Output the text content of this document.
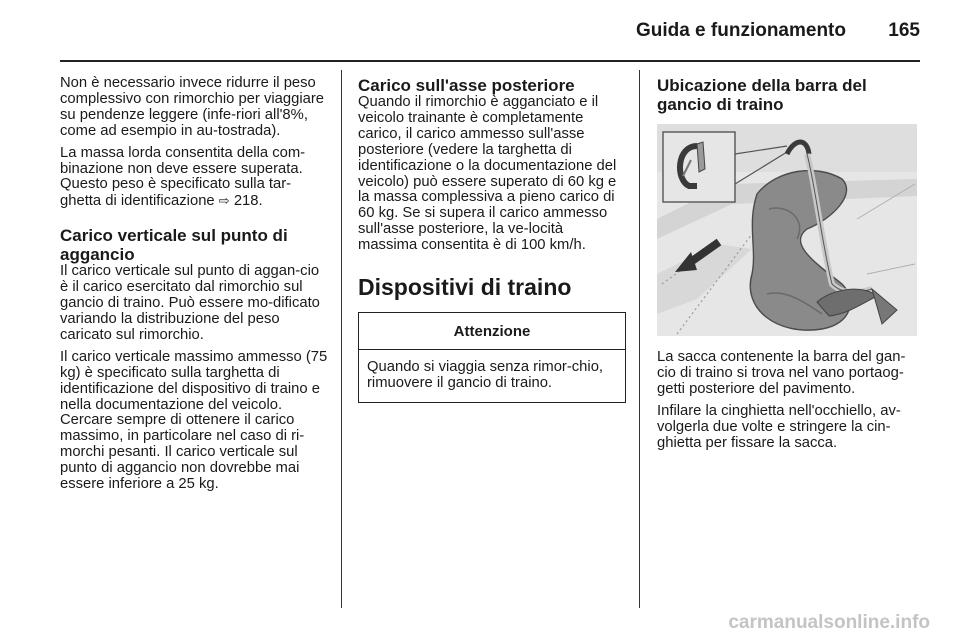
Guida e funzionamento	165

Non è necessario invece ridurre il peso complessivo con rimorchio per viaggiare su pendenze leggere (infe-riori all'8%, come ad esempio in au-tostrada).

La massa lorda consentita della com-binazione non deve essere superata. Questo peso è specificato sulla tar-ghetta di identificazione ⇨ 218.

Carico verticale sul punto di aggancio

Il carico verticale sul punto di aggan-cio è il carico esercitato dal rimorchio sul gancio di traino. Può essere mo-dificato variando la distribuzione del peso caricato sul rimorchio.

Il carico verticale massimo ammesso (75 kg) è specificato sulla targhetta di identificazione del dispositivo di traino e nella documentazione del veicolo. Cercare sempre di ottenere il carico massimo, in particolare nel caso di ri-morchi pesanti. Il carico verticale sul punto di aggancio non dovrebbe mai essere inferiore a 25 kg.

Carico sull'asse posteriore

Quando il rimorchio è agganciato e il veicolo trainante è completamente carico, il carico ammesso sull'asse posteriore (vedere la targhetta di identificazione o la documentazione del veicolo) può essere superato di 60 kg e la massa complessiva a pieno carico di 60 kg. Se si supera il carico ammesso sull'asse posteriore, la ve-locità massima consentita è di 100 km/h.

Dispositivi di traino
Attenzione
Quando si viaggia senza rimor-chio, rimuovere il gancio di traino.
Ubicazione della barra del gancio di traino

La sacca contenente la barra del gan-cio di traino si trova nel vano portaog-getti posteriore del pavimento.

Infilare la cinghietta nell'occhiello, av-volgerla due volte e stringere la cin-ghietta per fissare la sacca.

carmanualsonline.info
